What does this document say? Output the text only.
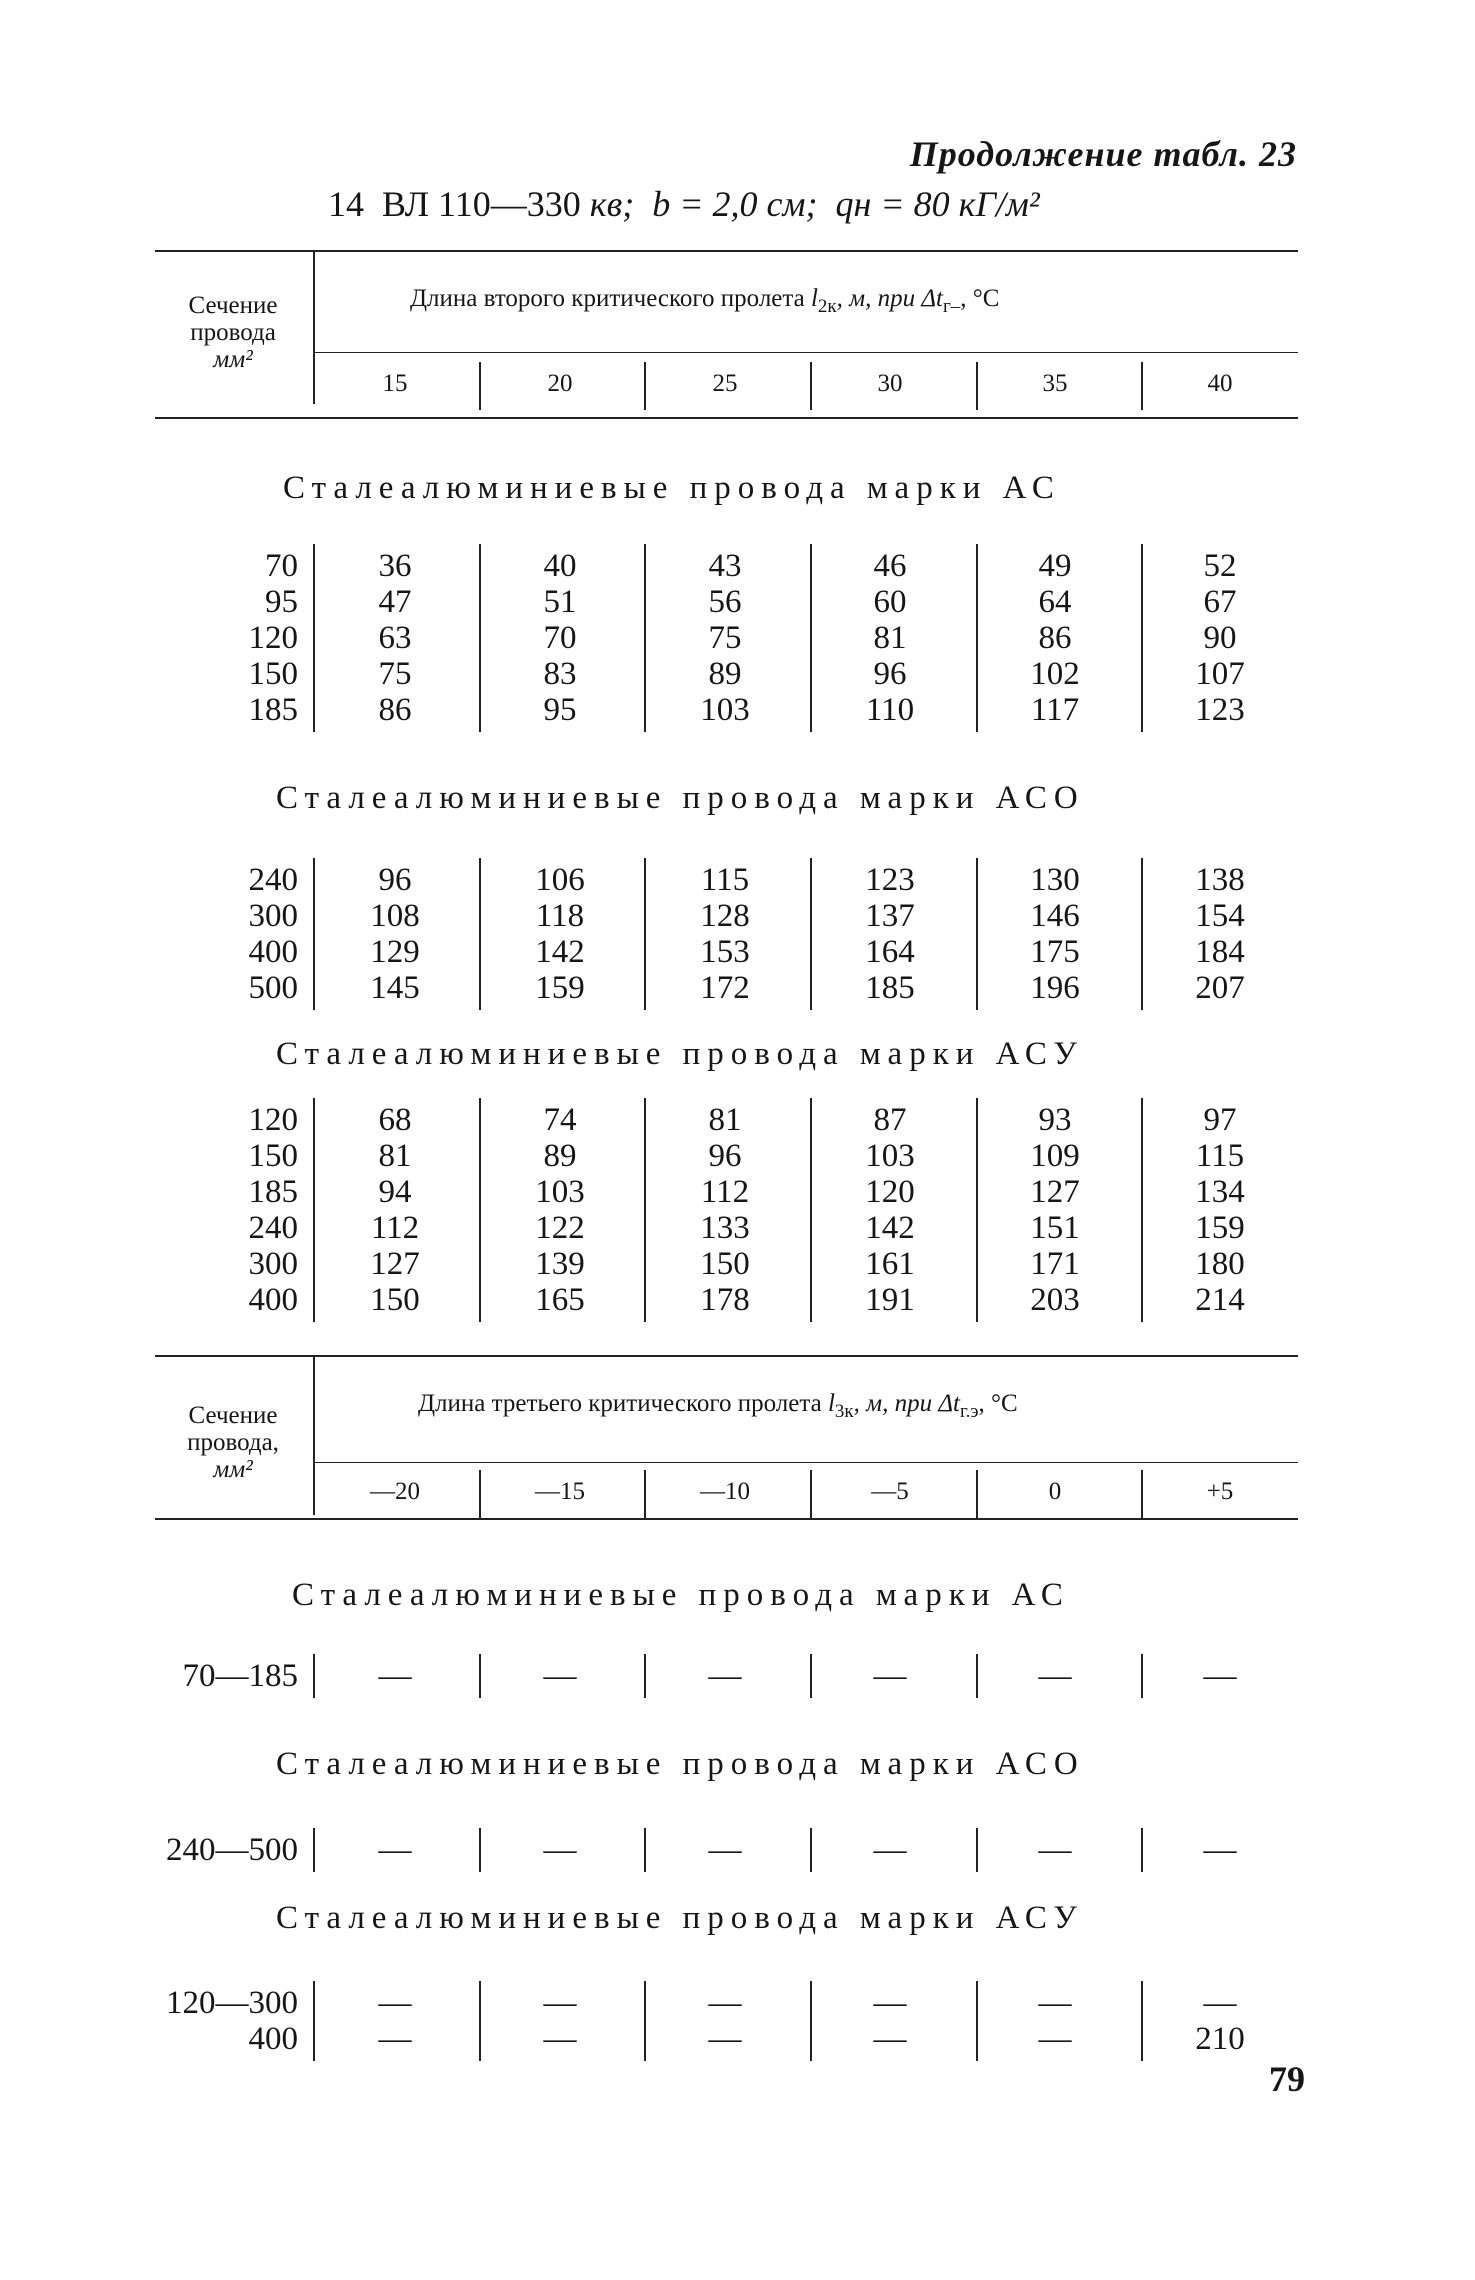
Продолжение табл. 23
14 ВЛ 110—330 кв; b = 2,0 см; qн = 80 кГ/м²
Сечение
провода
мм²
Длина второго критического пролета $l_{2к}$, м, при $\Delta t_{г-}$, °С
15	20	25	30	35	40
Сталеалюминиевые провода марки АС
Сталеалюминиевые провода марки АСО
Сталеалюминиевые провода марки АСУ
70	36	40	43	46	49	52
95	47	51	56	60	64	67
120	63	70	75	81	86	90
150	75	83	89	96	102	107
185	86	95	103	110	117	123
240	96	106	115	123	130	138
300	108	118	128	137	146	154
400	129	142	153	164	175	184
500	145	159	172	185	196	207
120	68	74	81	87	93	97
150	81	89	96	103	109	115
185	94	103	112	120	127	134
240	112	122	133	142	151	159
300	127	139	150	161	171	180
400	150	165	178	191	203	214
Сечение
провода,
мм²
Длина третьего критического пролета $l_{3к}$, м, при $\Delta t_{г.э}$, °С
—20	—15	—10	—5	0	+5
Сталеалюминиевые провода марки АС
Сталеалюминиевые провода марки АСО
Сталеалюминиевые провода марки АСУ
70—185	—	—	—	—	—	—
240—500	—	—	—	—	—	—
120—300	—	—	—	—	—	—
400	—	—	—	—	—	210
79
